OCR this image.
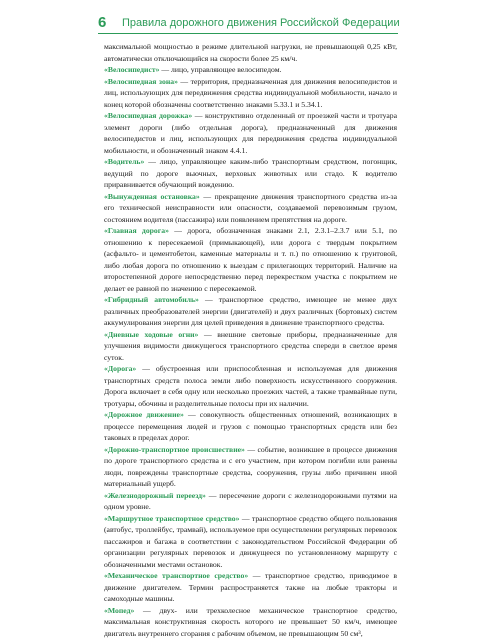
6	Правила дорожного движения Российской Федерации

максимальной мощностью в режиме длительной нагрузки, не превышающей 0,25 кВт, автоматически отключающийся на скорости более 25 км/ч.

«Велосипедист» — лицо, управляющее велосипедом.

«Велосипедная зона» — территория, предназначенная для движения велосипедистов и лиц, использующих для передвижения средства индивидуальной мобильности, начало и конец которой обозначены соответственно знаками 5.33.1 и 5.34.1.

«Велосипедная дорожка» — конструктивно отделенный от проезжей части и тротуара элемент дороги (либо отдельная дорога), предназначенный для движения велосипедистов и лиц, использующих для передвижения средства индивидуальной мобильности, и обозначенный знаком 4.4.1.

«Водитель» — лицо, управляющее каким-либо транспортным средством, погонщик, ведущий по дороге вьючных, верховых животных или стадо. К водителю приравнивается обучающий вождению.

«Вынужденная остановка» — прекращение движения транспортного средства из-за его технической неисправности или опасности, создаваемой перевозимым грузом, состоянием водителя (пассажира) или появлением препятствия на дороге.

«Главная дорога» — дорога, обозначенная знаками 2.1, 2.3.1–2.3.7 или 5.1, по отношению к пересекаемой (примыкающей), или дорога с твердым покрытием (асфальто- и цементобетон, каменные материалы и т. п.) по отношению к грунтовой, либо любая дорога по отношению к выездам с прилегающих территорий. Наличие на второстепенной дороге непосредственно перед перекрестком участка с покрытием не делает ее равной по значению с пересекаемой.

«Гибридный автомобиль» — транспортное средство, имеющее не менее двух различных преобразователей энергии (двигателей) и двух различных (бортовых) систем аккумулирования энергии для целей приведения в движение транспортного средства.

«Дневные ходовые огни» — внешние световые приборы, предназначенные для улучшения видимости движущегося транспортного средства спереди в светлое время суток.

«Дорога» — обустроенная или приспособленная и используемая для движения транспортных средств полоса земли либо поверхность искусственного сооружения. Дорога включает в себя одну или несколько проезжих частей, а также трамвайные пути, тротуары, обочины и разделительные полосы при их наличии.

«Дорожное движение» — совокупность общественных отношений, возникающих в процессе перемещения людей и грузов с помощью транспортных средств или без таковых в пределах дорог.

«Дорожно-транспортное происшествие» — событие, возникшее в процессе движения по дороге транспортного средства и с его участием, при котором погибли или ранены люди, повреждены транспортные средства, сооружения, грузы либо причинен иной материальный ущерб.

«Железнодорожный переезд» — пересечение дороги с железнодорожными путями на одном уровне.

«Маршрутное транспортное средство» — транспортное средство общего пользования (автобус, троллейбус, трамвай), используемое при осуществлении регулярных перевозок пассажиров и багажа в соответствии с законодательством Российской Федерации об организации регулярных перевозок и движущееся по установленному маршруту с обозначенными местами остановок.

«Механическое транспортное средство» — транспортное средство, приводимое в движение двигателем. Термин распространяется также на любые тракторы и самоходные машины.

«Мопед» — двух- или трехколесное механическое транспортное средство, максимальная конструктивная скорость которого не превышает 50 км/ч, имеющее двигатель внутреннего сгорания с рабочим объемом, не превышающим 50 см³,
